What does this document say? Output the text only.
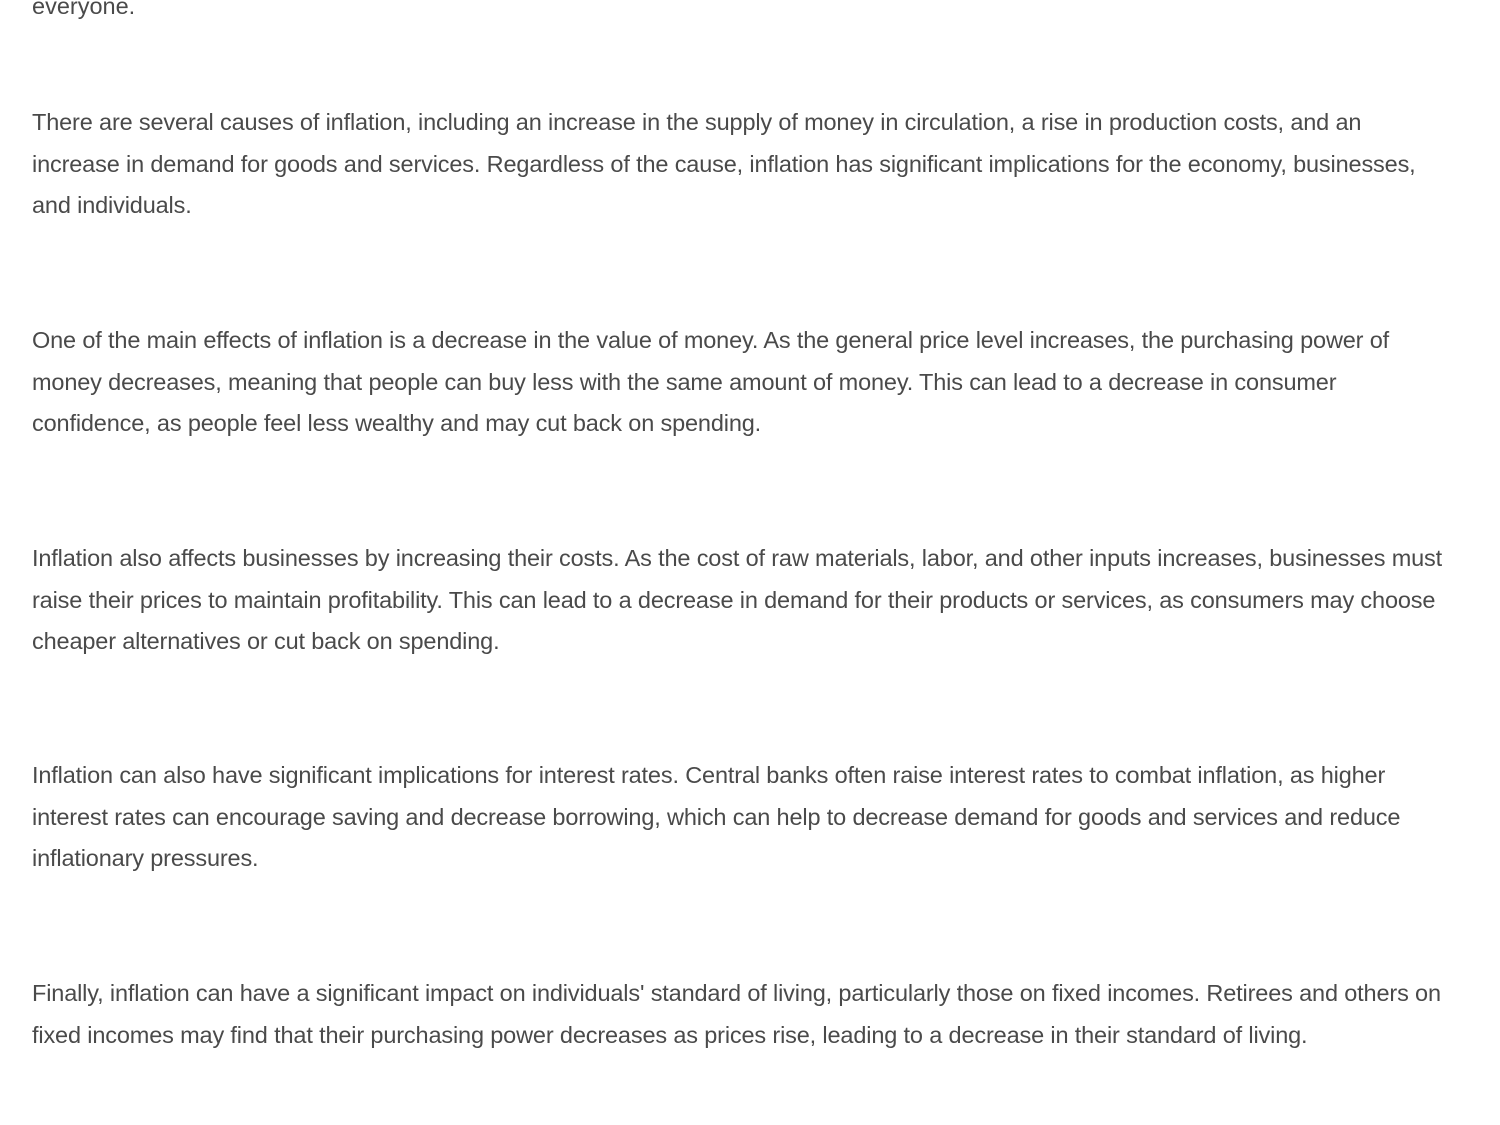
everyone.

There are several causes of inflation, including an increase in the supply of money in circulation, a rise in production costs, and an increase in demand for goods and services. Regardless of the cause, inflation has significant implications for the economy, businesses, and individuals.

One of the main effects of inflation is a decrease in the value of money. As the general price level increases, the purchasing power of money decreases, meaning that people can buy less with the same amount of money. This can lead to a decrease in consumer confidence, as people feel less wealthy and may cut back on spending.

Inflation also affects businesses by increasing their costs. As the cost of raw materials, labor, and other inputs increases, businesses must raise their prices to maintain profitability. This can lead to a decrease in demand for their products or services, as consumers may choose cheaper alternatives or cut back on spending.

Inflation can also have significant implications for interest rates. Central banks often raise interest rates to combat inflation, as higher interest rates can encourage saving and decrease borrowing, which can help to decrease demand for goods and services and reduce inflationary pressures.

Finally, inflation can have a significant impact on individuals' standard of living, particularly those on fixed incomes. Retirees and others on fixed incomes may find that their purchasing power decreases as prices rise, leading to a decrease in their standard of living.
